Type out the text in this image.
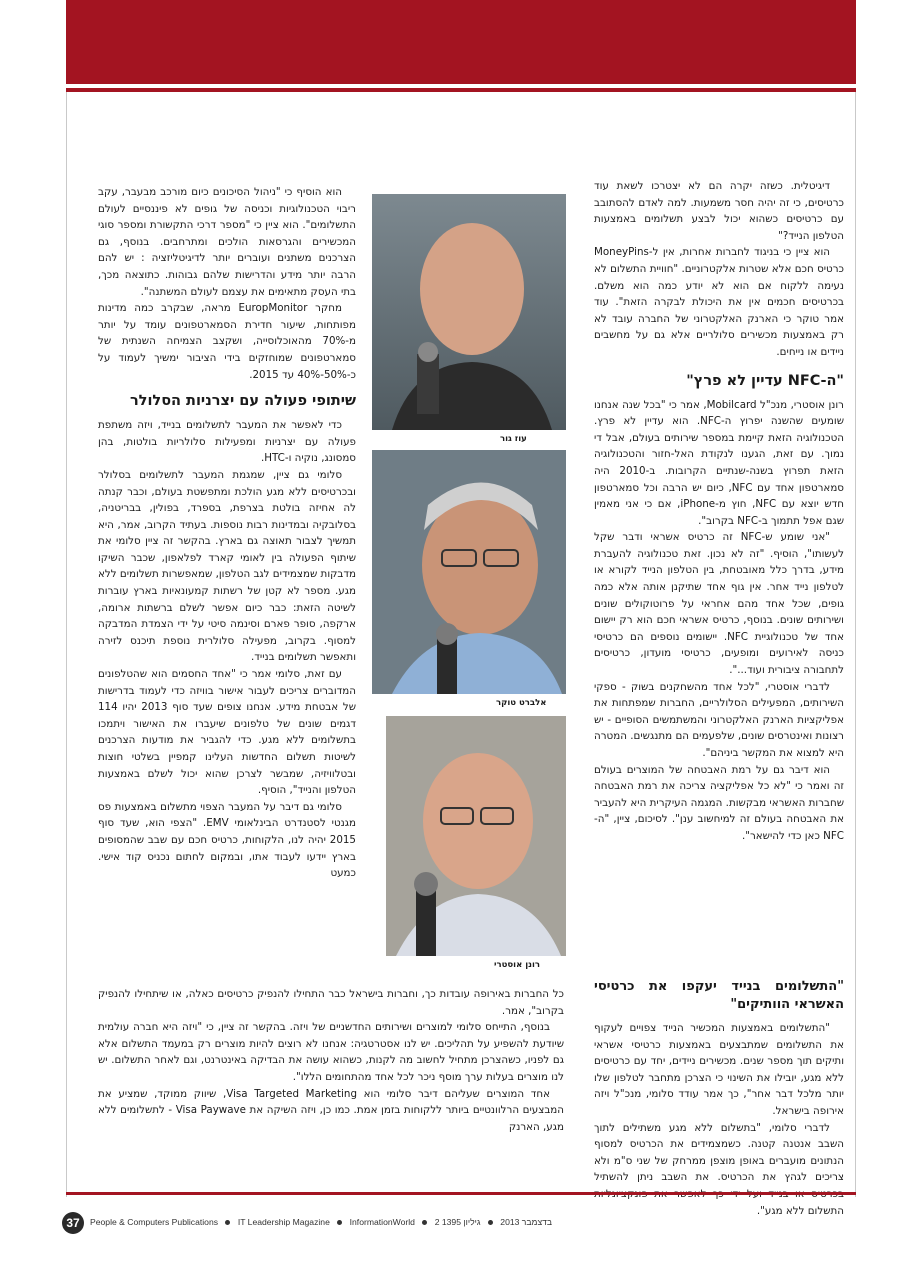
דיגיטלית. כשזה יקרה הם לא יצטרכו לשאת עוד כרטיסים, כי זה יהיה חסר משמעות. למה לאדם להסתובב עם כרטיסים כשהוא יכול לבצע תשלומים באמצעות הטלפון הנייד?"

הוא ציין כי בניגוד לחברות אחרות, אין ל-MoneyPins כרטיס חכם אלא שטרות אלקטרוניים. "חוויית התשלום לא נעימה ללקוח אם הוא לא יודע כמה הוא משלם. בכרטיסים חכמים אין את היכולת לבקרה הזאת". עוד אמר טוקר כי הארנק האלקטרוני של החברה עובד לא רק באמצעות מכשירים סלולריים אלא גם על מחשבים ניידים או נייחים.

"ה-NFC עדיין לא פרץ"

רונן אוסטרי, מנכ"ל Mobilcard, אמר כי "בכל שנה אנחנו שומעים שהשנה יפרוץ ה-NFC. הוא עדיין לא פרץ. הטכנולוגיה הזאת קיימת במספר שירותים בעולם, אבל די נמוך. עם זאת, הגענו לנקודת האל-חזור והטכנולוגיה הזאת תפרוץ בשנה-שנתיים הקרובות. ב-2010 היה סמארטפון אחד עם NFC, כיום יש הרבה וכל סמארטפון חדש יוצא עם NFC, חוץ מ-iPhone, אם כי אני מאמין שגם אפל תתמוך ב-NFC בקרוב".

"אני שומע ש-NFC זה כרטיס אשראי ודבר שקל לעשותו", הוסיף. "זה לא נכון. זאת טכנולוגיה להעברת מידע, בדרך כלל מאובטחת, בין הטלפון הנייד לקורא או לטלפון נייד אחר. אין גוף אחד שתיקנן אותה אלא כמה גופים, שכל אחד מהם אחראי על פרוטוקולים שונים ושירותים שונים. בנוסף, כרטיס אשראי חכם הוא רק יישום אחד של טכנולוגיית NFC. יישומים נוספים הם כרטיסי כניסה לאירועים ומופעים, כרטיסי מועדון, כרטיסים לתחבורה ציבורית ועוד...".

לדברי אוסטרי, "לכל אחד מהשחקנים בשוק - ספקי השירותים, המפעילים הסלולריים, החברות שמפתחות את אפליקציות הארנק האלקטרוני והמשתמשים הסופיים - יש רצונות ואינטרסים שונים, שלפעמים הם מתנגשים. המטרה היא למצוא את המקשר ביניהם".

הוא דיבר גם על רמת האבטחה של המוצרים בעולם זה ואמר כי "לא כל אפליקציה צריכה את רמת האבטחה שחברות האשראי מבקשות. המגמה העיקרית היא להעביר את האבטחה בעולם זה למיחשוב ענן". לסיכום, ציין, "ה-NFC כאן כדי להישאר".

עוז גור
אלברט טוקר
רונן אוסטרי

הוא הוסיף כי "ניהול הסיכונים כיום מורכב מבעבר, עקב ריבוי הטכנולוגיות וכניסה של גופים לא פיננסיים לעולם התשלומים". הוא ציין כי "מספר דרכי התקשורת ומספר סוגי המכשירים והגרסאות הולכים ומתרחבים. בנוסף, גם הצרכנים משתנים ועוברים יותר לדיגיטליזציה : יש להם הרבה יותר מידע והדרישות שלהם גבוהות. כתוצאה מכך, בתי העסק מתאימים את עצמם לעולם המשתנה".

מחקר EuropMonitor מראה, שבקרב כמה מדינות מפותחות, שיעור חדירת הסמארטפונים עומד על יותר מ-70% מהאוכלוסייה, ושקצב הצמיחה השנתית של סמארטפונים שמוחזקים בידי הציבור ימשיך לעמוד על כ-50%-40% עד 2015.

שיתופי פעולה עם יצרניות הסלולר

כדי לאפשר את המעבר לתשלומים בנייד, ויזה משתפת פעולה עם יצרניות ומפעילות סלולריות בולטות, בהן סמסונג, נוקיה ו-HTC.

סלומי גם ציין, שמגמת המעבר לתשלומים בסלולר ובכרטיסים ללא מגע הולכת ומתפשטת בעולם, וכבר קנתה לה אחיזה בולטת בצרפת, בספרד, בפולין, בבריטניה, בסלובקיה ובמדינות רבות נוספות. בעתיד הקרוב, אמר, היא תמשיך לצבור תאוצה גם בארץ. בהקשר זה ציין סלומי את שיתוף הפעולה בין לאומי קארד לפלאפון, שכבר השיקו מדבקות שמצמידים לגב הטלפון, שמאפשרות תשלומים ללא מגע. מספר לא קטן של רשתות קמעונאיות בארץ עוברות לשיטה הזאת: כבר כיום אפשר לשלם ברשתות ארומה, ארקפה, סופר פארם וסינמה סיטי על ידי הצמדת המדבקה למסוף. בקרוב, מפעילה סלולרית נוספת תיכנס לזירה ותאפשר תשלומים בנייד.

עם זאת, סלומי אמר כי "אחד החסמים הוא שהטלפונים המדוברים צריכים לעבור אישור בוויזה כדי לעמוד בדרישות של אבטחת מידע. אנחנו צופים שעד סוף 2013 יהיו 114 דגמים שונים של טלפונים שיעברו את האישור ויתמכו בתשלומים ללא מגע. כדי להגביר את מודעות הצרכנים לשיטות תשלום החדשות העלינו קמפיין בשלטי חוצות ובטלוויזיה, שמבשר לצרכן שהוא יכול לשלם באמצעות הטלפון והנייד", הוסיף.

סלומי גם דיבר על המעבר הצפוי מתשלום באמצעות פס מגנטי לסטנדרט הבינלאומי EMV. "הצפי הוא, שעד סוף 2015 יהיה לנו, הלקוחות, כרטיס חכם עם שבב שהמסופים בארץ יידעו לעבוד אתו, ובמקום לחתום נכניס קוד אישי. כמעט

כל החברות באירופה עובדות כך, וחברות בישראל כבר התחילו להנפיק כרטיסים כאלה, או שיתחילו להנפיק בקרוב", אמר.

בנוסף, התייחס סלומי למוצרים ושירותים החדשניים של ויזה. בהקשר זה ציין, כי "ויזה היא חברה עולמית שיודעת להשפיע על תהליכים. יש לנו אסטרטגיה: אנחנו לא רוצים להיות מוצרים רק במעמד התשלום אלא גם לפניו, כשהצרכן מתחיל לחשוב מה לקנות, כשהוא עושה את הבדיקה באינטרנט, וגם לאחר התשלום. יש לנו מוצרים בעלות ערך מוסף ניכר לכל אחד מהתחומים הללו".

אחד המוצרים שעליהם דיבר סלומי הוא Visa Targeted Marketing, שיווק ממוקד, שמציע את המבצעים הרלוונטיים ביותר ללקוחות בזמן אמת. כמו כן, ויזה השיקה את Visa Paywave - לתשלומים ללא מגע, הארנק

"התשלומים בנייד יעקפו את כרטיסי האשראי הוותיקים"

"התשלומים באמצעות המכשיר הנייד צפויים לעקוף את התשלומים שמתבצעים באמצעות כרטיסי אשראי ותיקים תוך מספר שנים. מכשירים ניידים, יחד עם כרטיסים ללא מגע, יובילו את השינוי כי הצרכן מתחבר לטלפון שלו יותר מלכל דבר אחר", כך אמר עודד סלומי, מנכ"ל ויזה אירופה בישראל.

לדברי סלומי, "בתשלום ללא מגע משתילים לתוך השבב אנטנה קטנה. כשמצמידים את הכרטיס למסוף הנתונים מועברים באופן מוצפן ממרחק של שני ס"מ ולא צריכים לגהץ את הכרטיס. את השבב ניתן להשתיל התשלום ללא מגע".

37	People & Computers Publications IT Leadership Magazine InformationWorld 2 בדצמבר 2013  גיליון 1395
